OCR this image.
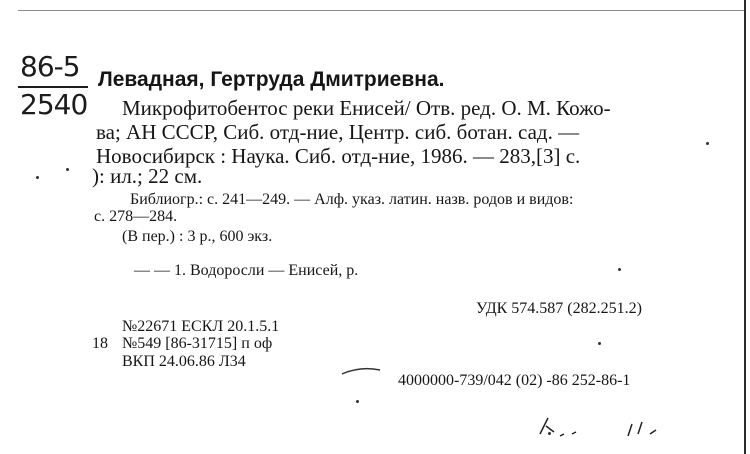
86-5
2540
Левадная, Гертруда Дмитриевна.
Микрофитобентос реки Енисей/ Отв. ред. О. М. Кожо-
ва; АН СССР, Сиб. отд-ние, Центр. сиб. ботан. сад. —
Новосибирск : Наука. Сиб. отд-ние, 1986. — 283,[3] с.
): ил.; 22 см.
Библиогр.: с. 241—249. — Алф. указ. латин. назв. родов и видов:
с. 278—284.
(В пер.) : 3 р., 600 экз.
— — 1. Водоросли — Енисей, р.
УДК 574.587 (282.251.2)
№22671 ЕСКЛ 20.1.5.1
18 №549 [86-31715] п оф
ВКП 24.06.86 Л34
4000000-739/042 (02) -86 252-86-1
